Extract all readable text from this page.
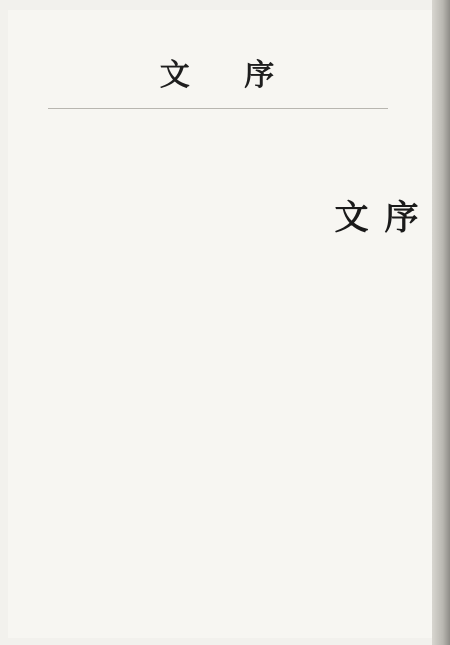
文 序
序 文
